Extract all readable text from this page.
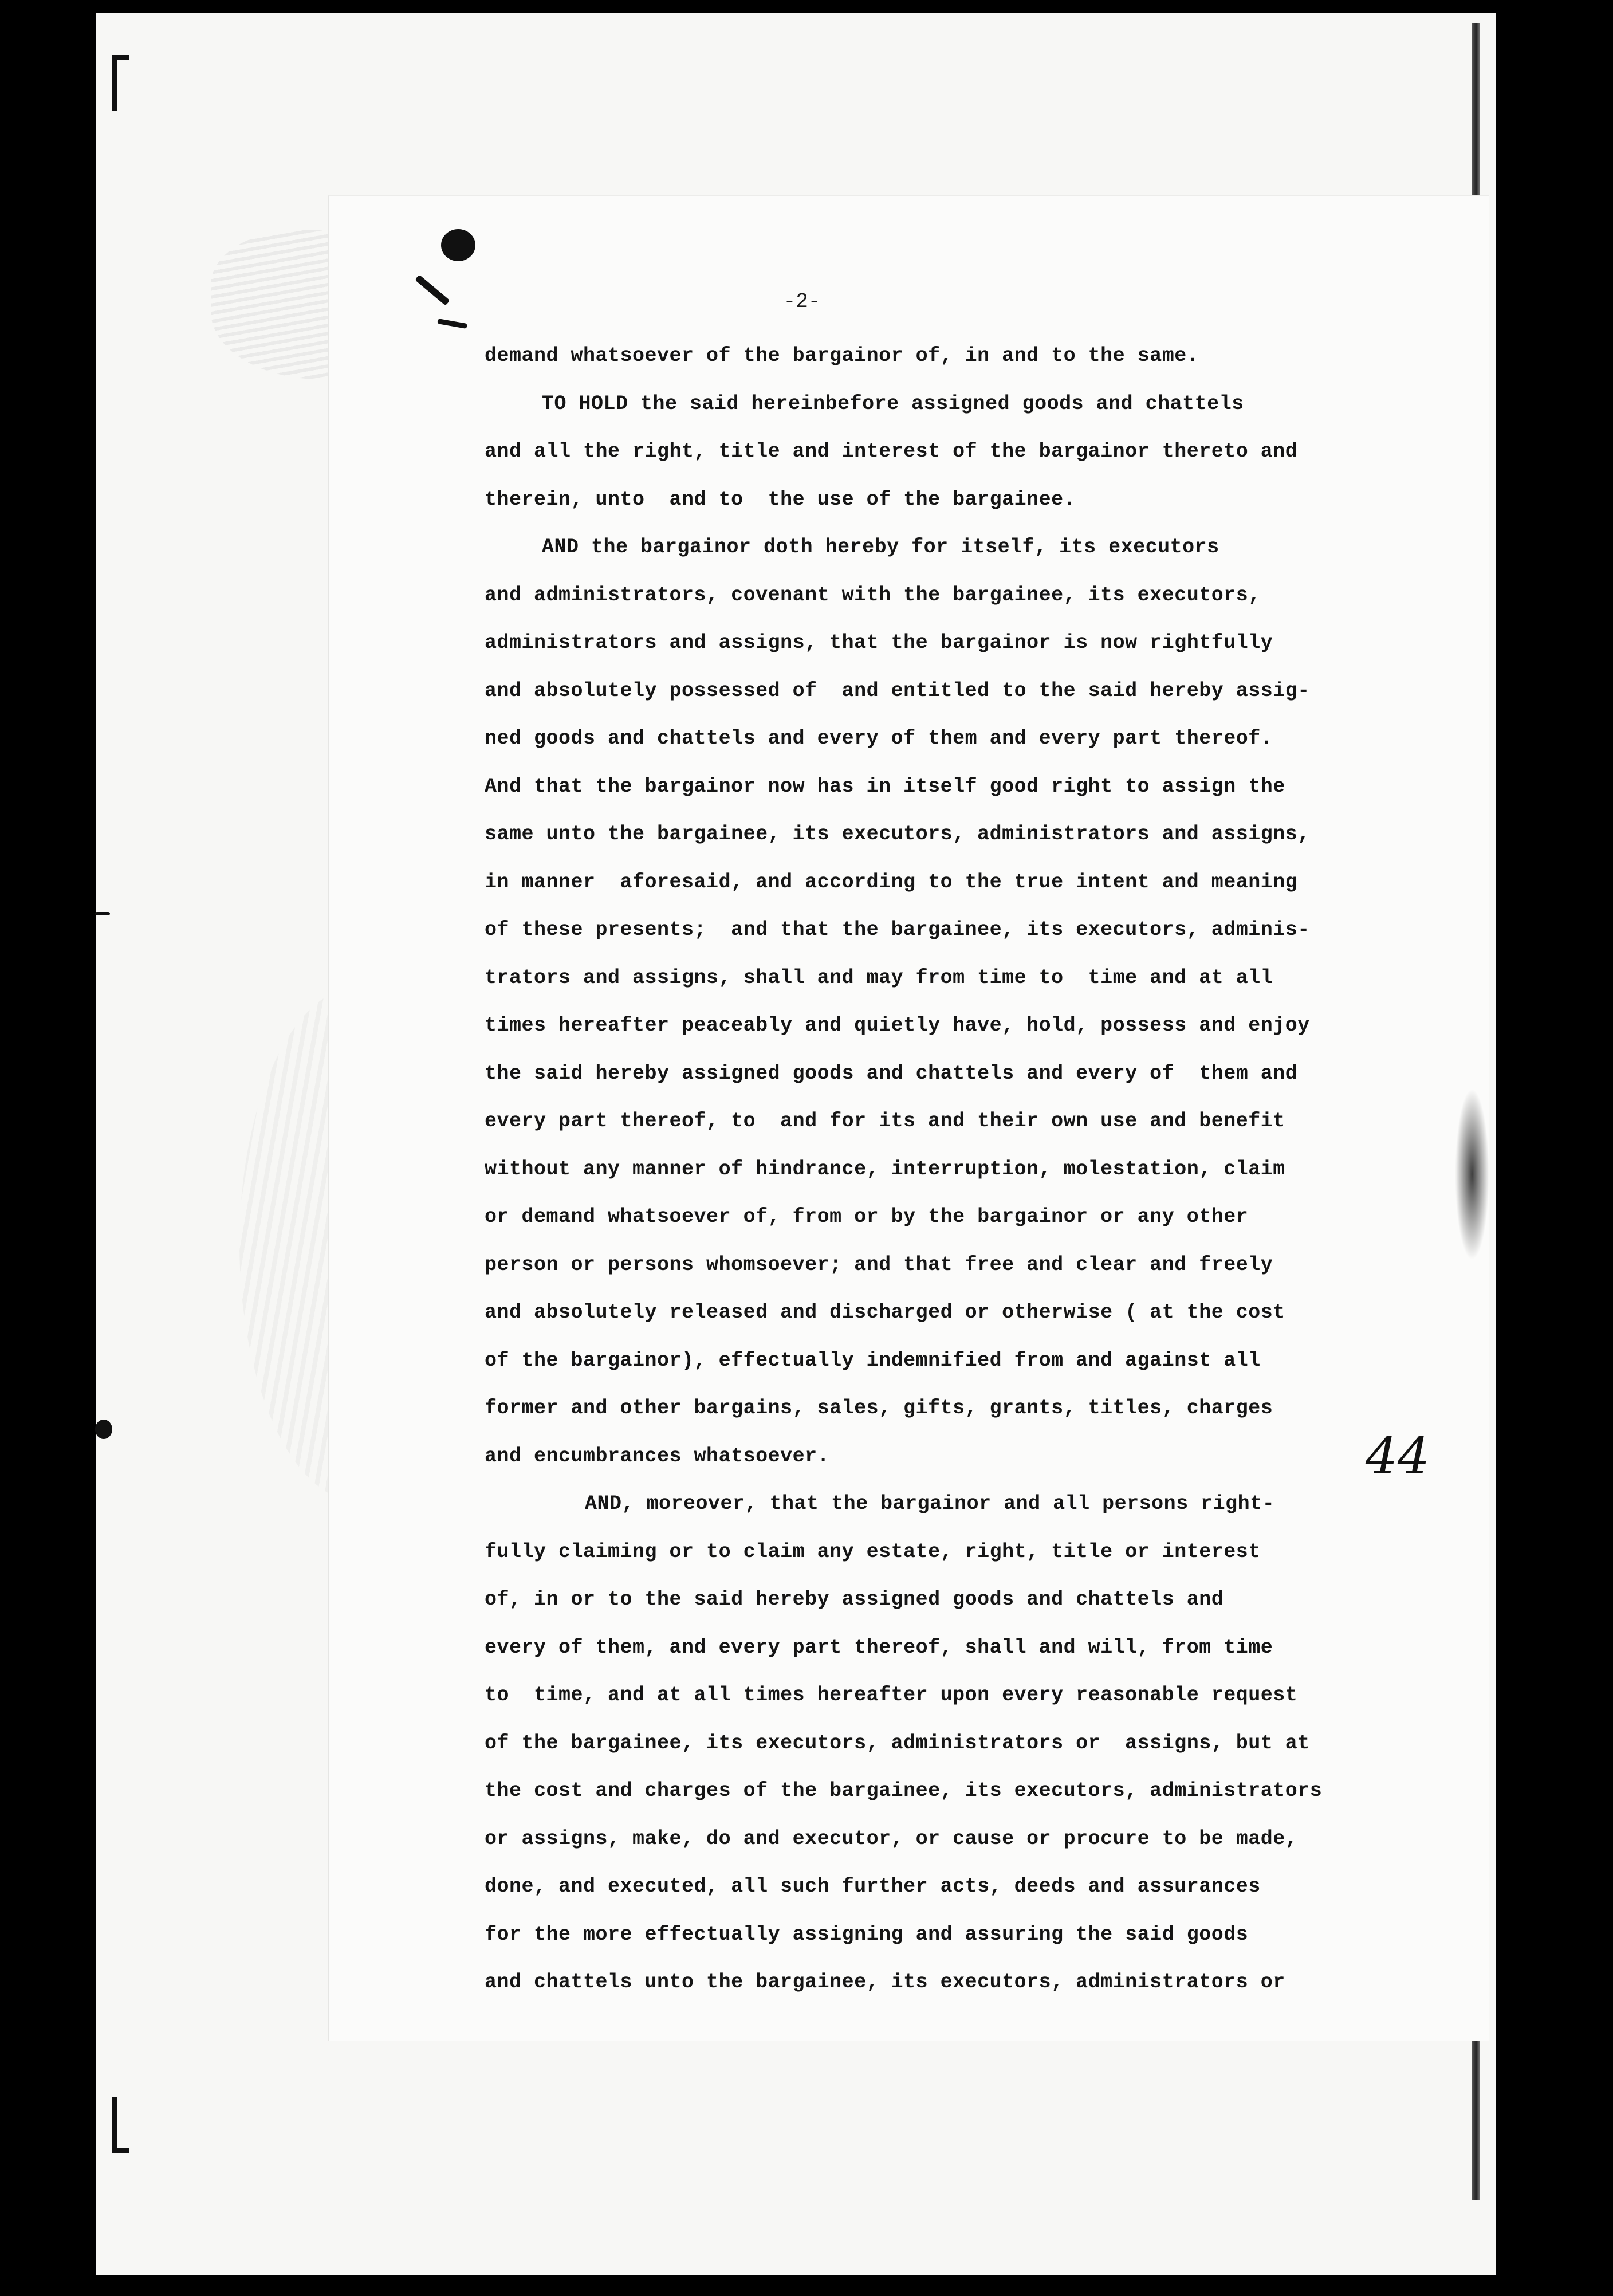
-2-
demand whatsoever of the bargainor of, in and to the same.
TO HOLD the said hereinbefore assigned goods and chattels
and all the right, title and interest of the bargainor thereto and
therein, unto  and to  the use of the bargainee.
AND the bargainor doth hereby for itself, its executors
and administrators, covenant with the bargainee, its executors,
administrators and assigns, that the bargainor is now rightfully
and absolutely possessed of  and entitled to the said hereby assig-
ned goods and chattels and every of them and every part thereof.
And that the bargainor now has in itself good right to assign the
same unto the bargainee, its executors, administrators and assigns,
in manner  aforesaid, and according to the true intent and meaning
of these presents;  and that the bargainee, its executors, adminis-
trators and assigns, shall and may from time to  time and at all
times hereafter peaceably and quietly have, hold, possess and enjoy
the said hereby assigned goods and chattels and every of  them and
every part thereof, to  and for its and their own use and benefit
without any manner of hindrance, interruption, molestation, claim
or demand whatsoever of, from or by the bargainor or any other
person or persons whomsoever; and that free and clear and freely
and absolutely released and discharged or otherwise ( at the cost
of the bargainor), effectually indemnified from and against all
former and other bargains, sales, gifts, grants, titles, charges
and encumbrances whatsoever.
AND, moreover, that the bargainor and all persons right-
fully claiming or to claim any estate, right, title or interest
of, in or to the said hereby assigned goods and chattels and
every of them, and every part thereof, shall and will, from time
to  time, and at all times hereafter upon every reasonable request
of the bargainee, its executors, administrators or  assigns, but at
the cost and charges of the bargainee, its executors, administrators
or assigns, make, do and executor, or cause or procure to be made,
done, and executed, all such further acts, deeds and assurances
for the more effectually assigning and assuring the said goods
and chattels unto the bargainee, its executors, administrators or
44
